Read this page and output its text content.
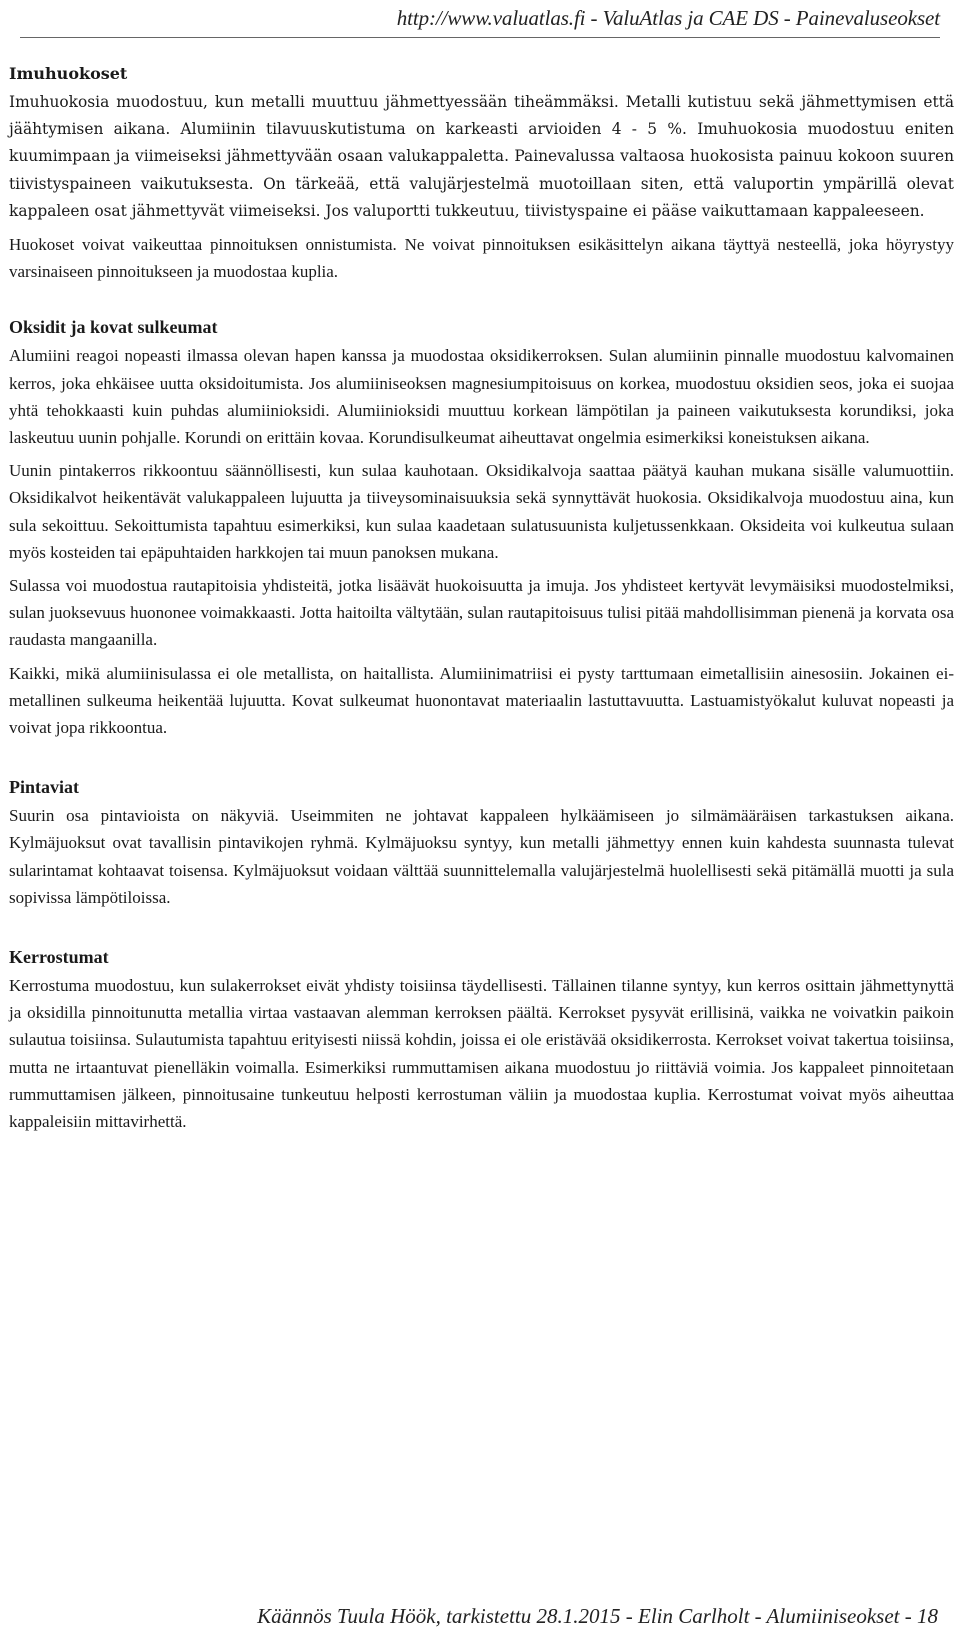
http://www.valuatlas.fi - ValuAtlas ja CAE DS - Painevaluseokset
Imuhuokoset

Imuhuokosia muodostuu, kun metalli muuttuu jähmettyessään tiheämmäksi. Metalli kutistuu sekä jähmettymisen että jäähtymisen aikana. Alumiinin tilavuuskutistuma on karkeasti arvioiden 4 - 5 %. Imuhuokosia muodostuu eniten kuumimpaan ja viimeiseksi jähmettyvään osaan valukappaletta. Painevalussa valtaosa huokosista painuu kokoon suuren tiivistyspaineen vaikutuksesta. On tärkeää, että valujärjestelmä muotoillaan siten, että valuportin ympärillä olevat kappaleen osat jähmettyvät viimeiseksi. Jos valuportti tukkeutuu, tiivistyspaine ei pääse vaikuttamaan kappaleeseen.

Huokoset voivat vaikeuttaa pinnoituksen onnistumista. Ne voivat pinnoituksen esikäsittelyn aikana täyttyä nesteellä, joka höyrystyy varsinaiseen pinnoitukseen ja muodostaa kuplia.

Oksidit ja kovat sulkeumat

Alumiini reagoi nopeasti ilmassa olevan hapen kanssa ja muodostaa oksidikerroksen. Sulan alumiinin pinnalle muodostuu kalvomainen kerros, joka ehkäisee uutta oksidoitumista. Jos alumiiniseoksen magnesiumpitoisuus on korkea, muodostuu oksidien seos, joka ei suojaa yhtä tehokkaasti kuin puhdas alumiinioksidi. Alumiinioksidi muuttuu korkean lämpötilan ja paineen vaikutuksesta korundiksi, joka laskeutuu uunin pohjalle. Korundi on erittäin kovaa. Korundisulkeumat aiheuttavat ongelmia esimerkiksi koneistuksen aikana.

Uunin pintakerros rikkoontuu säännöllisesti, kun sulaa kauhotaan. Oksidikalvoja saattaa päätyä kauhan mukana sisälle valumuottiin. Oksidikalvot heikentävät valukappaleen lujuutta ja tiiveysominaisuuksia sekä synnyttävät huokosia. Oksidikalvoja muodostuu aina, kun sula sekoittuu. Sekoittumista tapahtuu esimerkiksi, kun sulaa kaadetaan sulatusuunista kuljetussenkkaan. Oksideita voi kulkeutua sulaan myös kosteiden tai epäpuhtaiden harkkojen tai muun panoksen mukana.

Sulassa voi muodostua rautapitoisia yhdisteitä, jotka lisäävät huokoisuutta ja imuja. Jos yhdisteet kertyvät levymäisiksi muodostelmiksi, sulan juoksevuus huononee voimakkaasti. Jotta haitoilta vältytään, sulan rautapitoisuus tulisi pitää mahdollisimman pienenä ja korvata osa raudasta mangaanilla.

Kaikki, mikä alumiinisulassa ei ole metallista, on haitallista. Alumiinimatriisi ei pysty tarttumaan eimetallisiin ainesosiin. Jokainen ei-metallinen sulkeuma heikentää lujuutta. Kovat sulkeumat huonontavat materiaalin lastuttavuutta. Lastuamistyökalut kuluvat nopeasti ja voivat jopa rikkoontua.

Pintaviat

Suurin osa pintavioista on näkyviä. Useimmiten ne johtavat kappaleen hylkäämiseen jo silmämääräisen tarkastuksen aikana. Kylmäjuoksut ovat tavallisin pintavikojen ryhmä. Kylmäjuoksu syntyy, kun metalli jähmettyy ennen kuin kahdesta suunnasta tulevat sularintamat kohtaavat toisensa. Kylmäjuoksut voidaan välttää suunnittelemalla valujärjestelmä huolellisesti sekä pitämällä muotti ja sula sopivissa lämpötiloissa.

Kerrostumat

Kerrostuma muodostuu, kun sulakerrokset eivät yhdisty toisiinsa täydellisesti. Tällainen tilanne syntyy, kun kerros osittain jähmettynyttä ja oksidilla pinnoitunutta metallia virtaa vastaavan alemman kerroksen päältä. Kerrokset pysyvät erillisinä, vaikka ne voivatkin paikoin sulautua toisiinsa. Sulautumista tapahtuu erityisesti niissä kohdin, joissa ei ole eristävää oksidikerrosta. Kerrokset voivat takertua toisiinsa, mutta ne irtaantuvat pienelläkin voimalla. Esimerkiksi rummuttamisen aikana muodostuu jo riittäviä voimia. Jos kappaleet pinnoitetaan rummuttamisen jälkeen, pinnoitusaine tunkeutuu helposti kerrostuman väliin ja muodostaa kuplia. Kerrostumat voivat myös aiheuttaa kappaleisiin mittavirhettä.

Käännös Tuula Höök, tarkistettu 28.1.2015 - Elin Carlholt - Alumiiniseokset - 18
